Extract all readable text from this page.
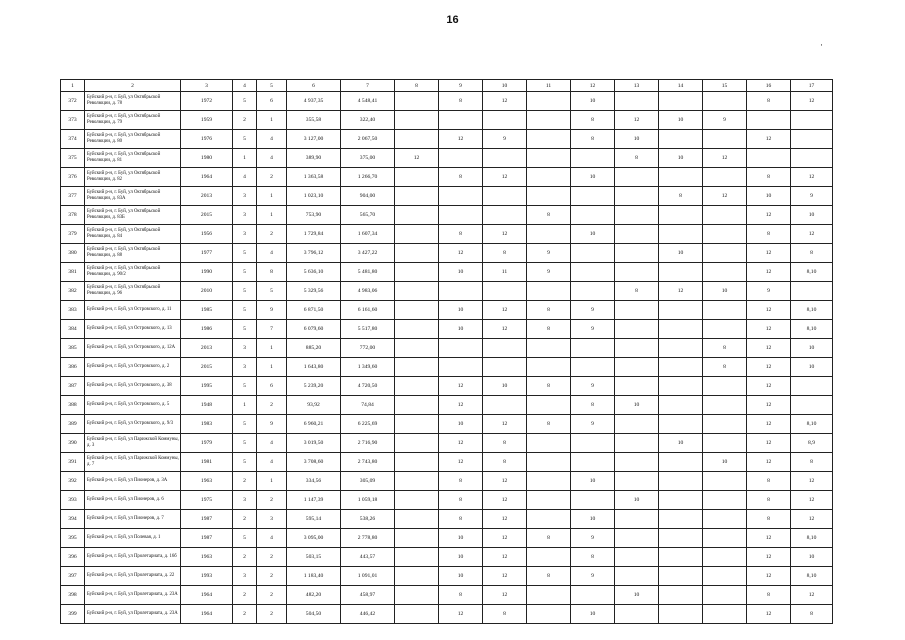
16
·
1	2	3	4	5	6	7	8	9	10	11	12	13	14	15	16	17
372	Буйский р-н, г. Буй, ул Октябрьской Революции, д. 78	1972	5	6	4 937,35	4 548,41		8	12		10				8	12
373	Буйский р-н, г. Буй, ул Октябрьской Революции, д. 79	1959	2	1	355,58	322,40					8	12	10	9		
374	Буйский р-н, г. Буй, ул Октябрьской Революции, д. 80	1976	5	4	3 127,00	2 067,50		12	9		8	10			12	
375	Буйский р-н, г. Буй, ул Октябрьской Революции, д. 81	1980	1	4	389,90	375,00	12					8	10	12		
376	Буйский р-н, г. Буй, ул Октябрьской Революции, д. 82	1964	4	2	1 363,58	1 266,70		8	12		10				8	12
377	Буйский р-н, г. Буй, ул Октябрьской Революции, д. 83А	2013	3	1	1 023,10	904,00							8	12	10	9
378	Буйский р-н, г. Буй, ул Октябрьской Революции, д. 83Б	2015	3	1	753,90	565,70				8					12	10
379	Буйский р-н, г. Буй, ул Октябрьской Революции, д. 84	1956	3	2	1 729,84	1 607,34		8	12		10				8	12
380	Буйский р-н, г. Буй, ул Октябрьской Революции, д. 88	1977	5	4	3 796,12	3 427,22		12	8	9			10		12	8
381	Буйский р-н, г. Буй, ул Октябрьской Революции, д. 90/2	1990	5	8	5 636,10	5 481,80		10	11	9					12	8,10
382	Буйский р-н, г. Буй, ул Октябрьской Революции, д. 96	2010	5	5	5 329,56	4 983,06						8	12	10	9	
383	Буйский р-н, г. Буй, ул Островского, д. 11	1985	5	9	6 871,50	6 161,60		10	12	8	9				12	8,10
384	Буйский р-н, г. Буй, ул Островского, д. 13	1986	5	7	6 079,60	5 517,80		10	12	8	9				12	8,10
385	Буйский р-н, г. Буй, ул Островского, д. 12А	2013	3	1	885,20	772,00								8	12	10
386	Буйский р-н, г. Буй, ул Островского, д. 2	2015	3	1	1 643,80	1 349,60								8	12	10
387	Буйский р-н, г. Буй, ул Островского, д. 38	1995	5	6	5 239,20	4 720,50		12	10	8	9				12	
388	Буйский р-н, г. Буй, ул Островского, д. 5	1948	1	2	93,92	74,84		12			8	10			12	
389	Буйский р-н, г. Буй, ул Островского, д. 9/3	1983	5	9	6 960,21	6 225,69		10	12	8	9				12	8,10
390	Буйский р-н, г. Буй, ул Парижской Коммуны, д. 3	1979	5	4	3 019,50	2 716,90		12	8				10		12	8,9
391	Буйский р-н, г. Буй, ул Парижской Коммуны, д. 7	1981	5	4	3 708,60	2 743,80		12	8					10	12	8
392	Буйский р-н, г. Буй, ул Пионеров, д. 3А	1963	2	1	334,56	305,09		8	12		10				8	12
393	Буйский р-н, г. Буй, ул Пионеров, д. 6	1975	3	2	1 147,39	1 059,18		8	12			10			8	12
394	Буйский р-н, г. Буй, ул Пионеров, д. 7	1987	2	3	595,14	538,26		8	12		10				8	12
395	Буйский р-н, г. Буй, ул Полевая, д. 1	1987	5	4	3 095,00	2 778,80		10	12	8	9				12	8,10
396	Буйский р-н, г. Буй, ул Пролетариата, д. 16б	1963	2	2	503,15	443,57		10	12		8				12	10
397	Буйский р-н, г. Буй, ул Пролетариата, д. 22	1993	3	2	1 183,40	1 091,01		10	12	8	9				12	8,10
398	Буйский р-н, г. Буй, ул Пролетариата, д. 23А	1964	2	2	482,20	458,97		8	12			10			8	12
399	Буйский р-н, г. Буй, ул Пролетариата, д. 23А	1964	2	2	504,50	446,42		12	8		10				12	8
